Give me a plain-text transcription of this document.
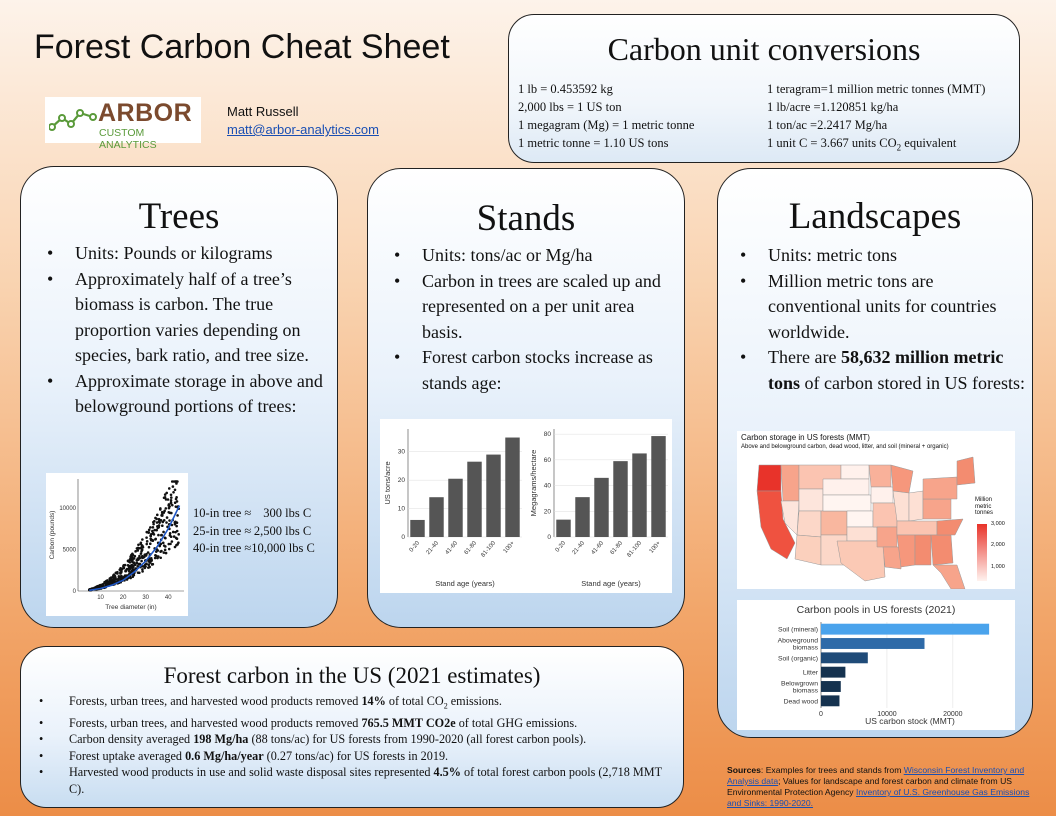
Forest Carbon Cheat Sheet
ARBOR
CUSTOM ANALYTICS
Matt Russell
matt@arbor-analytics.com
Carbon unit conversions
1 lb = 0.453592 kg
2,000 lbs = 1 US ton
1 megagram (Mg) = 1 metric tonne
1 metric tonne = 1.10 US tons
1 teragram=1 million metric tonnes (MMT)
1 lb/acre =1.120851 kg/ha
1 ton/ac =2.2417 Mg/ha
1 unit C = 3.667 units $CO_2$ equivalent
Trees
• Units: Pounds or kilograms
• Approximately half of a tree’s biomass is carbon. The true proportion varies depending on species, bark ratio, and tree size.
• Approximate storage in above and belowground portions of trees:
10	20	30	40
0
5000
10000
Tree diameter (in)
Carbon (pounds)	10-in tree ≈ 300 lbs C
25-in tree ≈ 2,500 lbs C
40-in tree ≈10,000 lbs C
Stands
• Units: tons/ac or Mg/ha
• Carbon in trees are scaled up and represented on a per unit area basis.
• Forest carbon stocks increase as stands age:
0
10
20
30
0-20 21-40 41-60 61-80 81-100 100+
Stand age (years)
US tons/acre
0
20
40
60
80
0-20 21-40 41-60 61-80 81-100 100+
Stand age (years)
Megagrams/hectare
Landscapes
• Units: metric tons
• Million metric tons are conventional units for countries worldwide.
• There are 58,632 million metric tons of carbon stored in US forests:
Carbon storage in US forests (MMT)
Above and belowground carbon, dead wood, litter, and soil (mineral + organic)
Million
metric
tonnes
3,000
2,000
1,000
Carbon pools in US forests (2021)
0	10000	20000
Soil (mineral)
Aboveground
biomass
Soil (organic)
Litter
Belowgrown
biomass
Dead wood
US carbon stock (MMT)
Forest carbon in the US (2021 estimates)
• Forests, urban trees, and harvested wood products removed 14% of total $CO_2$ emissions.
• Forests, urban trees, and harvested wood products removed 765.5 MMT CO2e of total GHG emissions.
• Carbon density averaged 198 Mg/ha (88 tons/ac) for US forests from 1990-2020 (all forest carbon pools).
• Forest uptake averaged 0.6 Mg/ha/year (0.27 tons/ac) for US forests in 2019.
• Harvested wood products in use and solid waste disposal sites represented 4.5% of total forest carbon pools (2,718 MMT C).
Sources: Examples for trees and stands from Wisconsin Forest Inventory and Analysis data; Values for landscape and forest carbon and climate from US Environmental Protection Agency Inventory of U.S. Greenhouse Gas Emissions and Sinks: 1990-2020.
